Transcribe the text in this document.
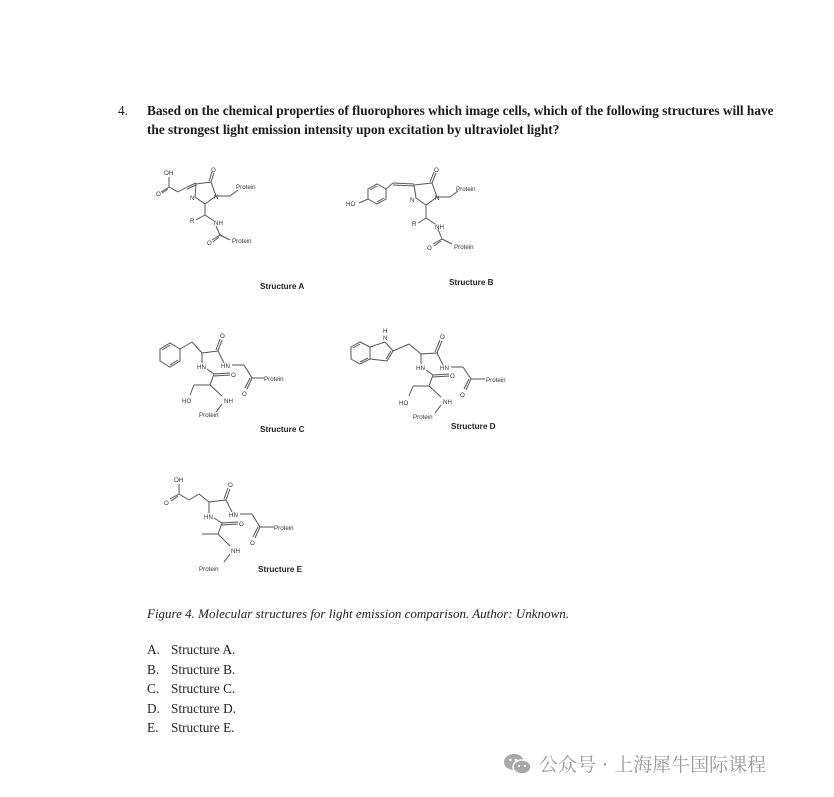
4. Based on the chemical properties of fluorophores which image cells, which of the following structures will have the strongest light emission intensity upon excitation by ultraviolet light?
OH
O
O
N	N
Protein
R	NH
O	Protein
Structure A
HO
O
N	N
Protein
R	NH
O	Protein
Structure B
O
HN HN
O
Protein
O
HO	NH
Protein
Structure C
H
N	O
HN HN
O
Protein
O
HO	NH
Protein
Structure D
OH
O
O
HN	HN
O
Protein
O
NH
Protein	Structure E
Figure 4. Molecular structures for light emission comparison. Author: Unknown.
A. Structure A.
B. Structure B.
C. Structure C.
D. Structure D.
E. Structure E.
公众号 · 上海犀牛国际课程
